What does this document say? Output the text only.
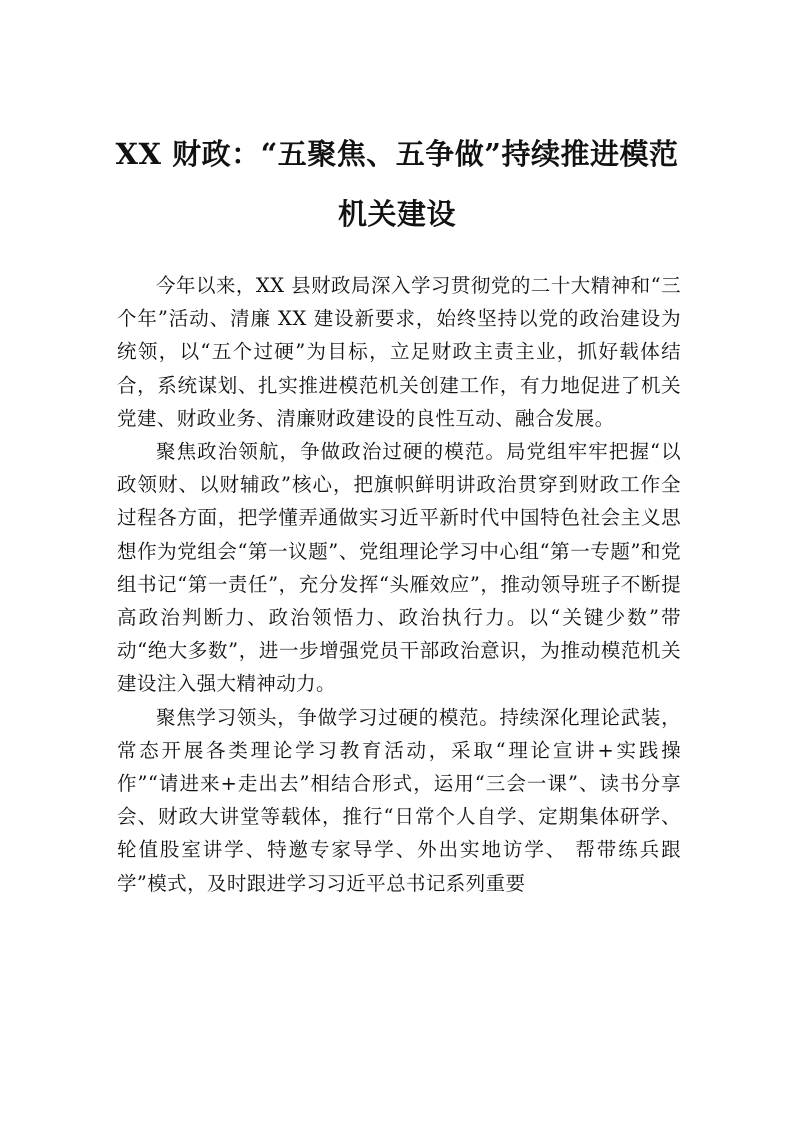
XX 财政：“五聚焦、五争做”持续推进模范
机关建设

今年以来，XX 县财政局深入学习贯彻党的二十大精神和“三个年”活动、清廉 XX 建设新要求，始终坚持以党的政治建设为统领，以“五个过硬”为目标，立足财政主责主业，抓好载体结合，系统谋划、扎实推进模范机关创建工作，有力地促进了机关党建、财政业务、清廉财政建设的良性互动、融合发展。

聚焦政治领航，争做政治过硬的模范。局党组牢牢把握“以政领财、以财辅政”核心，把旗帜鲜明讲政治贯穿到财政工作全过程各方面，把学懂弄通做实习近平新时代中国特色社会主义思想作为党组会“第一议题”、党组理论学习中心组“第一专题”和党组书记“第一责任”，充分发挥“头雁效应”，推动领导班子不断提高政治判断力、政治领悟力、政治执行力。以“关键少数”带动“绝大多数”，进一步增强党员干部政治意识，为推动模范机关建设注入强大精神动力。

聚焦学习领头，争做学习过硬的模范。持续深化理论武装，常态开展各类理论学习教育活动，采取“理论宣讲+实践操作”“请进来+走出去”相结合形式，运用“三会一课”、读书分享会、财政大讲堂等载体，推行“日常个人自学、定期集体研学、轮值股室讲学、特邀专家导学、外出实地访学、 帮带练兵跟学”模式，及时跟进学习习近平总书记系列重要
